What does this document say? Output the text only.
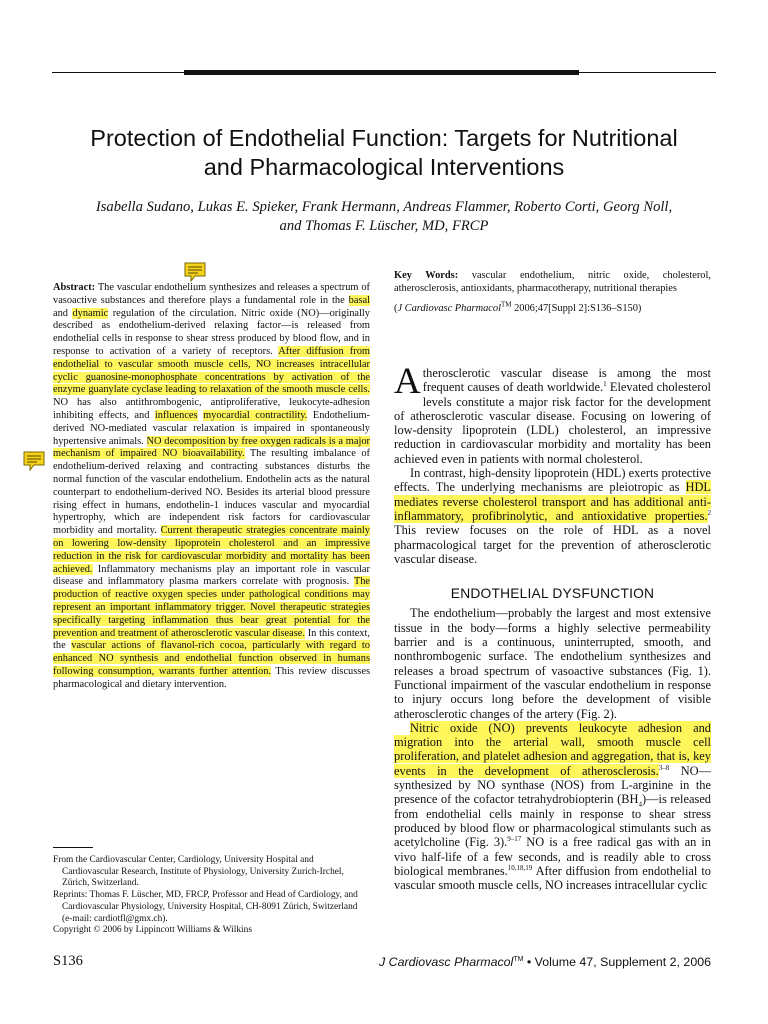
Protection of Endothelial Function: Targets for Nutritional
and Pharmacological Interventions
Isabella Sudano, Lukas E. Spieker, Frank Hermann, Andreas Flammer, Roberto Corti, Georg Noll,
and Thomas F. Lüscher, MD, FRCP

Abstract: The vascular endothelium synthesizes and releases a spectrum of vasoactive substances and therefore plays a fundamental role in the basal and dynamic regulation of the circulation. Nitric oxide (NO)—originally described as endothelium-derived relaxing factor—is released from endothelial cells in response to shear stress produced by blood flow, and in response to activation of a variety of receptors. After diffusion from endothelial to vascular smooth muscle cells, NO increases intracellular cyclic guanosine-monophosphate concentrations by activation of the enzyme guanylate cyclase leading to relaxation of the smooth muscle cells. NO has also antithrombogenic, antiproliferative, leukocyte-adhesion inhibiting effects, and influences myocardial contractility. Endothelium-derived NO-mediated vascular relaxation is impaired in spontaneously hypertensive animals. NO decomposition by free oxygen radicals is a major mechanism of impaired NO bioavailability. The resulting imbalance of endothelium-derived relaxing and contracting substances disturbs the normal function of the vascular endothelium. Endothelin acts as the natural counterpart to endothelium-derived NO. Besides its arterial blood pressure rising effect in humans, endothelin-1 induces vascular and myocardial hypertrophy, which are independent risk factors for cardiovascular morbidity and mortality. Current therapeutic strategies concentrate mainly on lowering low-density lipoprotein cholesterol and an impressive reduction in the risk for cardiovascular morbidity and mortality has been achieved. Inflammatory mechanisms play an important role in vascular disease and inflammatory plasma markers correlate with prognosis. The production of reactive oxygen species under pathological conditions may represent an important inflammatory trigger. Novel therapeutic strategies specifically targeting inflammation thus bear great potential for the prevention and treatment of atherosclerotic vascular disease. In this context, the vascular actions of flavanol-rich cocoa, particularly with regard to enhanced NO synthesis and endothelial function observed in humans following consumption, warrants further attention. This review discusses pharmacological and dietary intervention.

Key Words: vascular endothelium, nitric oxide, cholesterol, atherosclerosis, antioxidants, pharmacotherapy, nutritional therapies

(J Cardiovasc Pharmacol™ 2006;47[Suppl 2]:S136–S150)

Atherosclerotic vascular disease is among the most frequent causes of death worldwide.$^1$ Elevated cholesterol levels constitute a major risk factor for the development of atherosclerotic vascular disease. Focusing on lowering of low-density lipoprotein (LDL) cholesterol, an impressive reduction in cardiovascular morbidity and mortality has been achieved even in patients with normal cholesterol.

In contrast, high-density lipoprotein (HDL) exerts protective effects. The underlying mechanisms are pleiotropic as HDL mediates reverse cholesterol transport and has additional anti-inflammatory, profibrinolytic, and antioxidative properties.$^2$ This review focuses on the role of HDL as a novel pharmacological target for the prevention of atherosclerotic vascular disease.

ENDOTHELIAL DYSFUNCTION

The endothelium—probably the largest and most extensive tissue in the body—forms a highly selective permeability barrier and is a continuous, uninterrupted, smooth, and nonthrombogenic surface. The endothelium synthesizes and releases a broad spectrum of vasoactive substances (Fig. 1). Functional impairment of the vascular endothelium in response to injury occurs long before the development of visible atherosclerotic changes of the artery (Fig. 2).

Nitric oxide (NO) prevents leukocyte adhesion and migration into the arterial wall, smooth muscle cell proliferation, and platelet adhesion and aggregation, that is, key events in the development of atherosclerosis.$^{3-8}$ NO—synthesized by NO synthase (NOS) from L-arginine in the presence of the cofactor tetrahydrobiopterin $(BH_4)—is$ released from endothelial cells mainly in response to shear stress produced by blood flow or pharmacological stimulants such as acetylcholine (Fig. 3).$^{9-17}$ NO is a free radical gas with an in vivo half-life of a few seconds, and is readily able to cross biological membranes.$^{10,18,19}$ After diffusion from endothelial to vascular smooth muscle cells, NO increases intracellular cyclic

From the Cardiovascular Center, Cardiology, University Hospital and Cardiovascular Research, Institute of Physiology, University Zurich-Irchel, Zürich, Switzerland.

Reprints: Thomas F. Lüscher, MD, FRCP, Professor and Head of Cardiology, and Cardiovascular Physiology, University Hospital, CH-8091 Zürich, Switzerland (e-mail: cardiotfl@gmx.ch).

Copyright © 2006 by Lippincott Williams & Wilkins

S136	J Cardiovasc Pharmacol™ • Volume 47, Supplement 2, 2006
